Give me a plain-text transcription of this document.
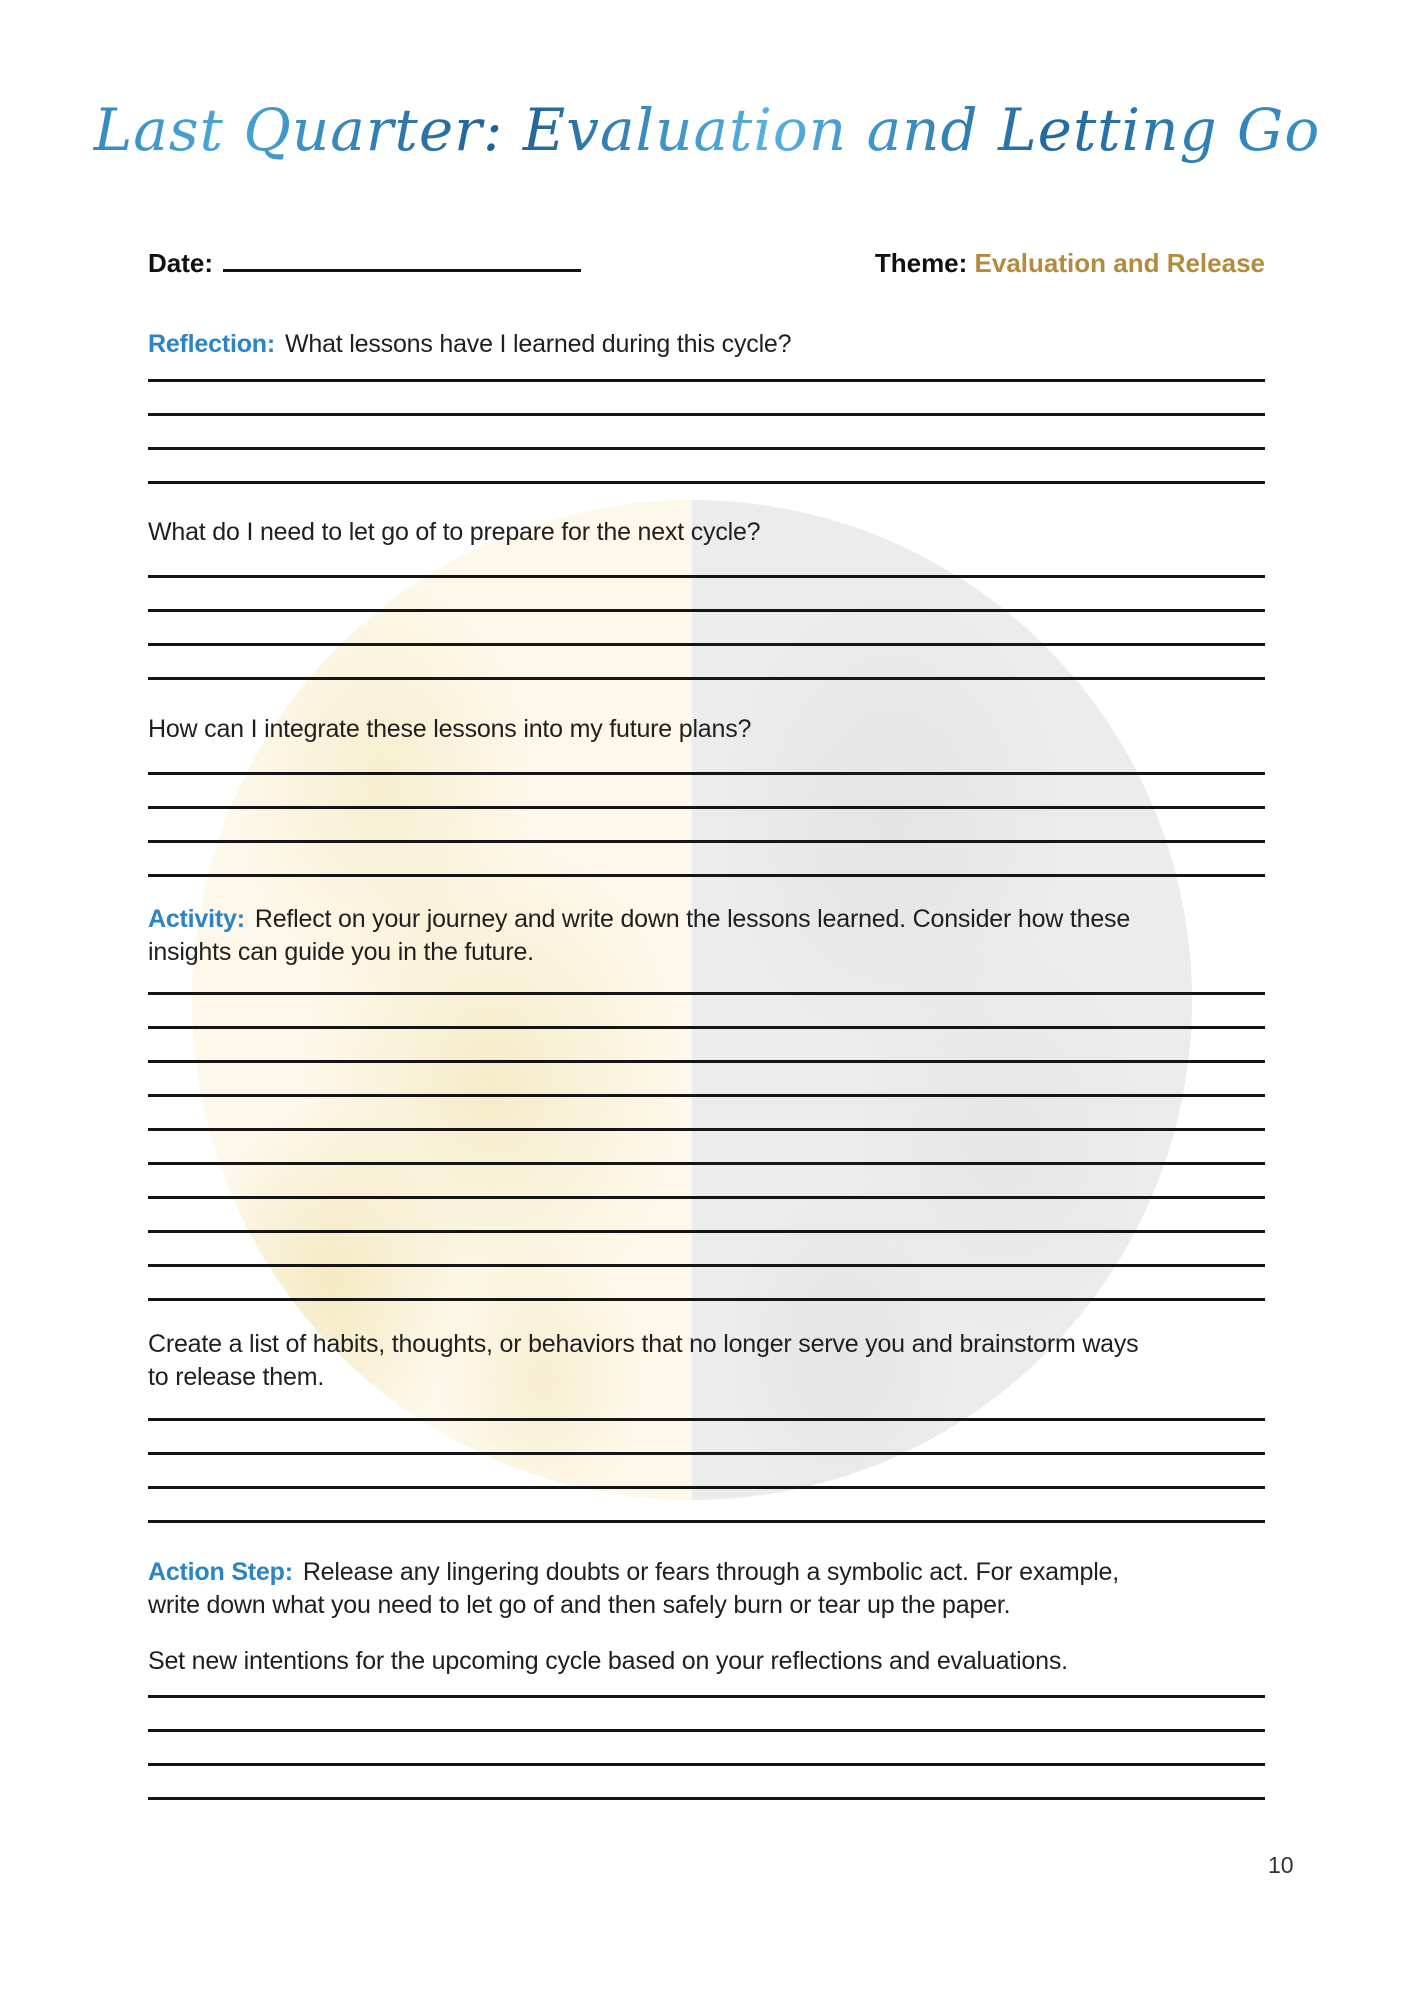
Last Quarter: Evaluation and Letting Go
Date:	Theme: Evaluation and Release
Reflection: What lessons have I learned during this cycle?
What do I need to let go of to prepare for the next cycle?
How can I integrate these lessons into my future plans?
Activity: Reflect on your journey and write down the lessons learned. Consider how these
insights can guide you in the future.
Create a list of habits, thoughts, or behaviors that no longer serve you and brainstorm ways
to release them.
Action Step: Release any lingering doubts or fears through a symbolic act. For example,
write down what you need to let go of and then safely burn or tear up the paper.
Set new intentions for the upcoming cycle based on your reflections and evaluations.
10
